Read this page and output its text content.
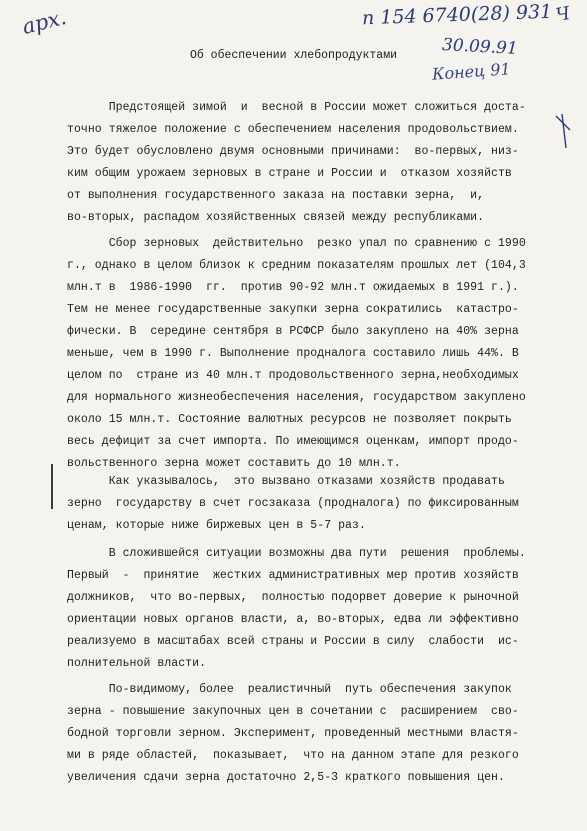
арх.	п 154 6740(28) 931
30.09.91
Конец 91
Ч
Об обеспечении хлебопродуктами
Предстоящей зимой  и  весной в России может сложиться доста-
точно тяжелое положение с обеспечением населения продовольствием.
Это будет обусловлено двумя основными причинами:  во-первых, низ-
ким общим урожаем зерновых в стране и России и  отказом хозяйств
от выполнения государственного заказа на поставки зерна,  и,
во-вторых, распадом хозяйственных связей между республиками.
Сбор зерновых  действительно  резко упал по сравнению с 1990
г., однако в целом близок к средним показателям прошлых лет (104,3
млн.т в  1986-1990  гг.  против 90-92 млн.т ожидаемых в 1991 г.).
Тем не менее государственные закупки зерна сократились  катастро-
фически. В  середине сентября в РСФСР было закуплено на 40% зерна
меньше, чем в 1990 г. Выполнение продналога составило лишь 44%. В
целом по  стране из 40 млн.т продовольственного зерна,необходимых
для нормального жизнеобеспечения населения, государством закуплено
около 15 млн.т. Состояние валютных ресурсов не позволяет покрыть
весь дефицит за счет импорта. По имеющимся оценкам, импорт продо-
вольственного зерна может составить до 10 млн.т.
Как указывалось,  это вызвано отказами хозяйств продавать
зерно  государству в счет госзаказа (продналога) по фиксированным
ценам, которые ниже биржевых цен в 5-7 раз.
В сложившейся ситуации возможны два пути  решения  проблемы.
Первый  -  принятие  жестких административных мер против хозяйств
должников,  что во-первых,  полностью подорвет доверие к рыночной
ориентации новых органов власти, а, во-вторых, едва ли эффективно
реализуемо в масштабах всей страны и России в силу  слабости  ис-
полнительной власти.
По-видимому, более  реалистичный  путь обеспечения закупок
зерна - повышение закупочных цен в сочетании с  расширением  сво-
бодной торговли зерном. Эксперимент, проведенный местными властя-
ми в ряде областей,  показывает,  что на данном этапе для резкого
увеличения сдачи зерна достаточно 2,5-3 краткого повышения цен.
